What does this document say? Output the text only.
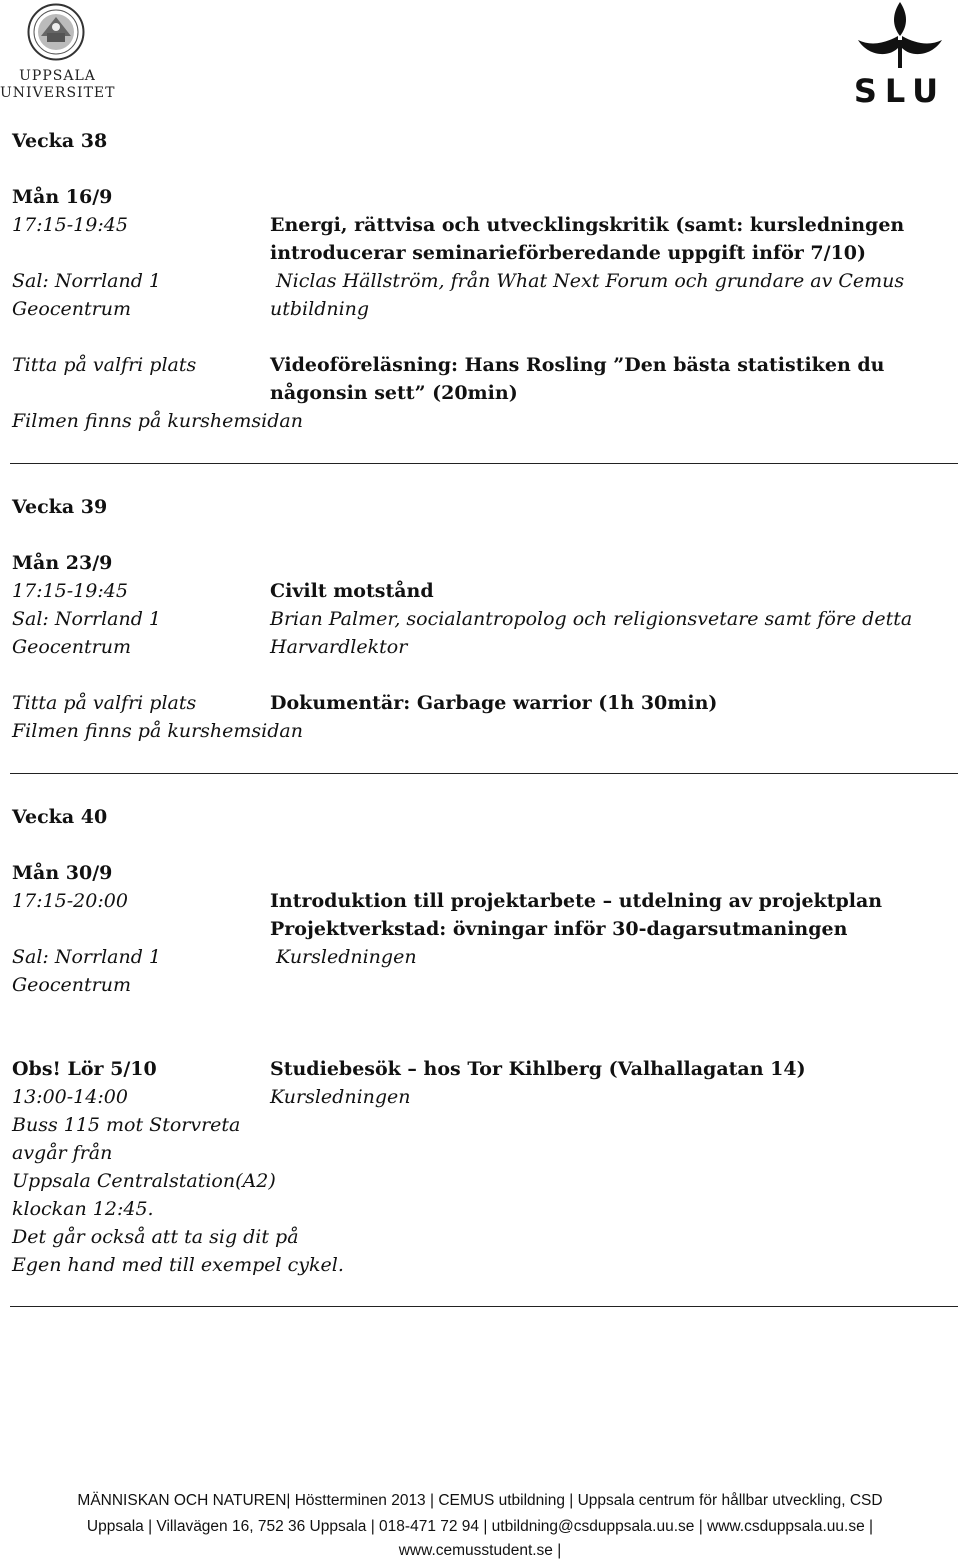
UPPSALA
UNIVERSITET	SLU
Vecka 38
Mån 16/9
17:15-19:45	Energi, rättvisa och utvecklingskritik (samt: kursledningen
introducerar seminarieförberedande uppgift inför 7/10)
Sal: Norrland 1	Niclas Hällström, från What Next Forum och grundare av Cemus
Geocentrum	utbildning
Titta på valfri plats	Videoföreläsning: Hans Rosling ”Den bästa statistiken du
någonsin sett” (20min)
Filmen finns på kurshemsidan
Vecka 39
Mån 23/9
17:15-19:45	Civilt motstånd
Sal: Norrland 1	Brian Palmer, socialantropolog och religionsvetare samt före detta
Geocentrum	Harvardlektor
Titta på valfri plats	Dokumentär: Garbage warrior (1h 30min)
Filmen finns på kurshemsidan
Vecka 40
Mån 30/9
17:15-20:00	Introduktion till projektarbete – utdelning av projektplan
Projektverkstad: övningar inför 30-dagarsutmaningen
Sal: Norrland 1	Kursledningen
Geocentrum
Obs! Lör 5/10	Studiebesök – hos Tor Kihlberg (Valhallagatan 14)
13:00-14:00	Kursledningen
Buss 115 mot Storvreta
avgår från
Uppsala Centralstation(A2)
klockan 12:45.
Det går också att ta sig dit på
Egen hand med till exempel cykel.
MÄNNISKAN OCH NATUREN| Höstterminen 2013 | CEMUS utbildning | Uppsala centrum för hållbar utveckling, CSD
Uppsala | Villavägen 16, 752 36 Uppsala | 018-471 72 94 | utbildning@csduppsala.uu.se | www.csduppsala.uu.se |
www.cemusstudent.se |
